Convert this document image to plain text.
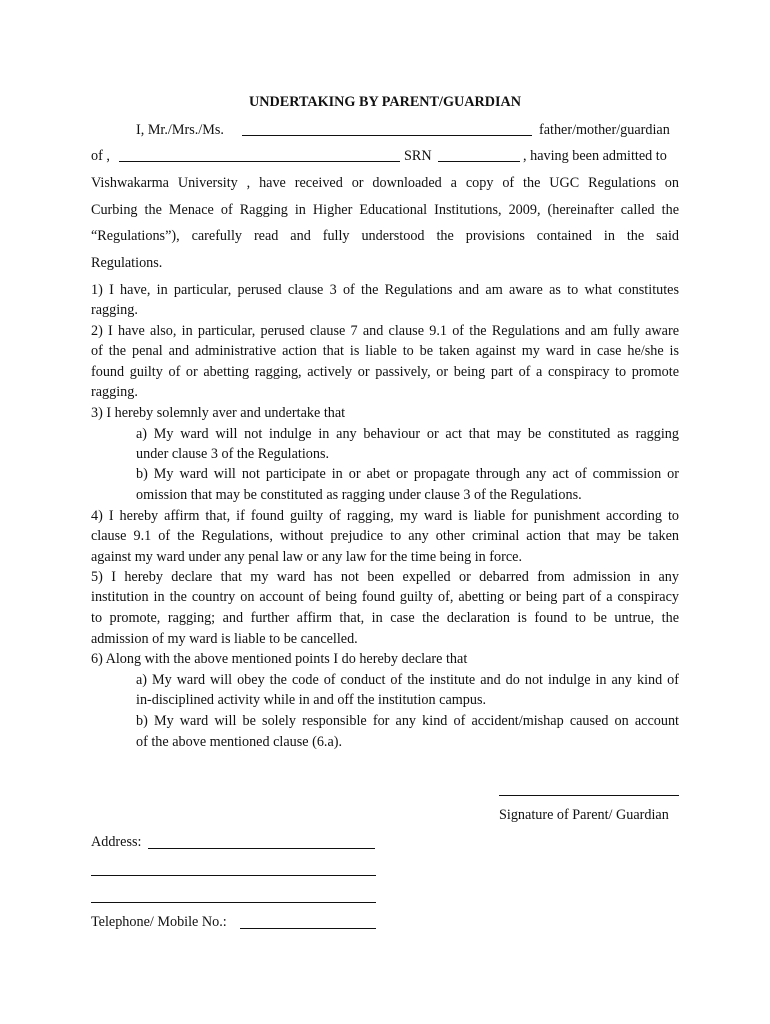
UNDERTAKING BY PARENT/GUARDIAN
I, Mr./Mrs./Ms.	father/mother/guardian
of ,	SRN	, having been admitted to
Vishwakarma University , have received or downloaded a copy of the UGC Regulations on
Curbing the Menace of Ragging in Higher Educational Institutions, 2009, (hereinafter called the
“Regulations”), carefully read and fully understood the provisions contained in the said
Regulations.
1) I have, in particular, perused clause 3 of the Regulations and am aware as to what constitutes
ragging.
2) I have also, in particular, perused clause 7 and clause 9.1 of the Regulations and am fully aware
of the penal and administrative action that is liable to be taken against my ward in case he/she is
found guilty of or abetting ragging, actively or passively, or being part of a conspiracy to promote
ragging.
3) I hereby solemnly aver and undertake that
a) My ward will not indulge in any behaviour or act that may be constituted as ragging
under clause 3 of the Regulations.
b) My ward will not participate in or abet or propagate through any act of commission or
omission that may be constituted as ragging under clause 3 of the Regulations.
4) I hereby affirm that, if found guilty of ragging, my ward is liable for punishment according to
clause 9.1 of the Regulations, without prejudice to any other criminal action that may be taken
against my ward under any penal law or any law for the time being in force.
5) I hereby declare that my ward has not been expelled or debarred from admission in any
institution in the country on account of being found guilty of, abetting or being part of a conspiracy
to promote, ragging; and further affirm that, in case the declaration is found to be untrue, the
admission of my ward is liable to be cancelled.
6) Along with the above mentioned points I do hereby declare that
a) My ward will obey the code of conduct of the institute and do not indulge in any kind of
in-disciplined activity while in and off the institution campus.
b) My ward will be solely responsible for any kind of accident/mishap caused on account
of the above mentioned clause (6.a).
Signature of Parent/ Guardian
Address:
Telephone/ Mobile No.:
